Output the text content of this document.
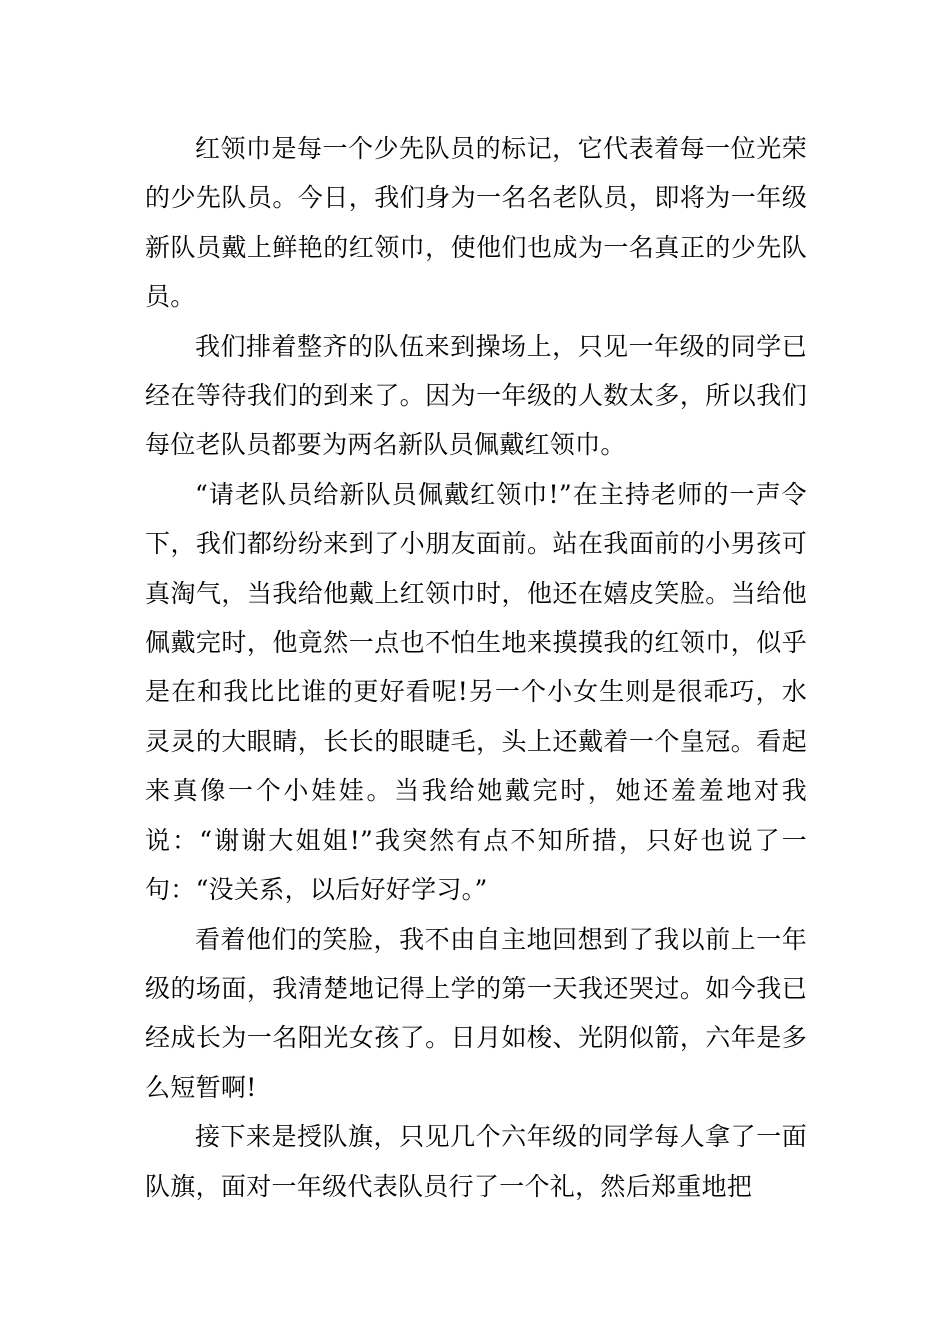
红领巾是每一个少先队员的标记，它代表着每一位光荣的少先队员。今日，我们身为一名名老队员，即将为一年级新队员戴上鲜艳的红领巾，使他们也成为一名真正的少先队员。

我们排着整齐的队伍来到操场上，只见一年级的同学已经在等待我们的到来了。因为一年级的人数太多，所以我们每位老队员都要为两名新队员佩戴红领巾。

“请老队员给新队员佩戴红领巾!”在主持老师的一声令下，我们都纷纷来到了小朋友面前。站在我面前的小男孩可真淘气，当我给他戴上红领巾时，他还在嬉皮笑脸。当给他佩戴完时，他竟然一点也不怕生地来摸摸我的红领巾，似乎是在和我比比谁的更好看呢!另一个小女生则是很乖巧，水灵灵的大眼睛，长长的眼睫毛，头上还戴着一个皇冠。看起来真像一个小娃娃。当我给她戴完时，她还羞羞地对我说：“谢谢大姐姐!”我突然有点不知所措，只好也说了一句：“没关系，以后好好学习。”

看着他们的笑脸，我不由自主地回想到了我以前上一年级的场面，我清楚地记得上学的第一天我还哭过。如今我已经成长为一名阳光女孩了。日月如梭、光阴似箭，六年是多么短暂啊!

接下来是授队旗，只见几个六年级的同学每人拿了一面队旗，面对一年级代表队员行了一个礼，然后郑重地把
